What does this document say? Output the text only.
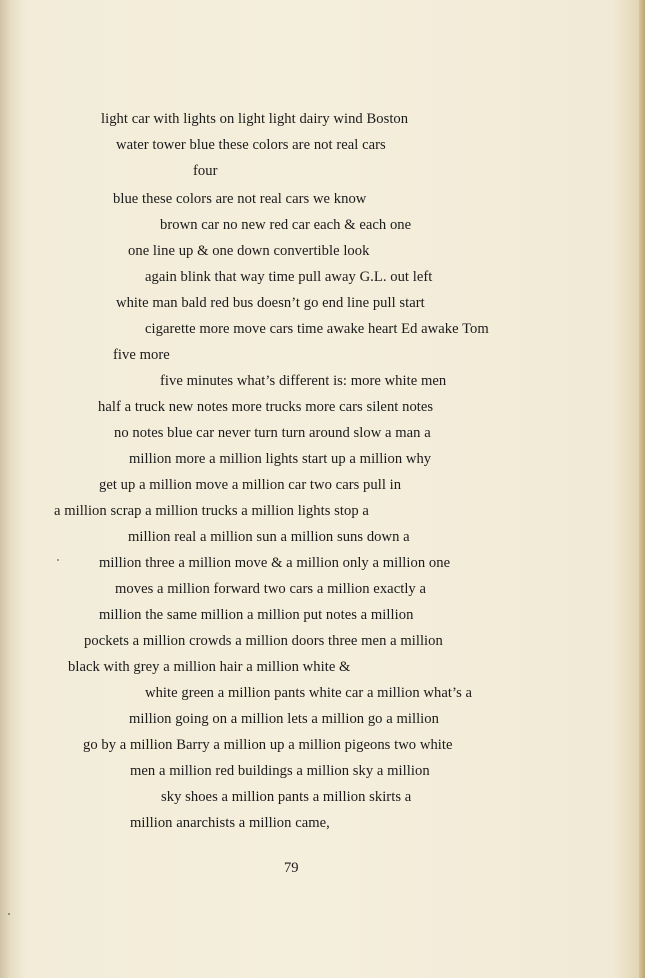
light car with lights on light light dairy wind Boston
water tower blue these colors are not real cars
four
blue these colors are not real cars we know
brown car no new red car each & each one
one line up & one down convertible look
again blink that way time pull away G.L. out left
white man bald red bus doesn’t go end line pull start
cigarette more move cars time awake heart Ed awake Tom
five more
five minutes what’s different is: more white men
half a truck new notes more trucks more cars silent notes
no notes blue car never turn turn around slow a man a
million more a million lights start up a million why
get up a million move a million car two cars pull in
a million scrap a million trucks a million lights stop a
million real a million sun a million suns down a
million three a million move & a million only a million one
moves a million forward two cars a million exactly a
million the same million a million put notes a million
pockets a million crowds a million doors three men a million
black with grey a million hair a million white &
white green a million pants white car a million what’s a
million going on a million lets a million go a million
go by a million Barry a million up a million pigeons two white
men a million red buildings a million sky a million
sky shoes a million pants a million skirts a
million anarchists a million came,
79
